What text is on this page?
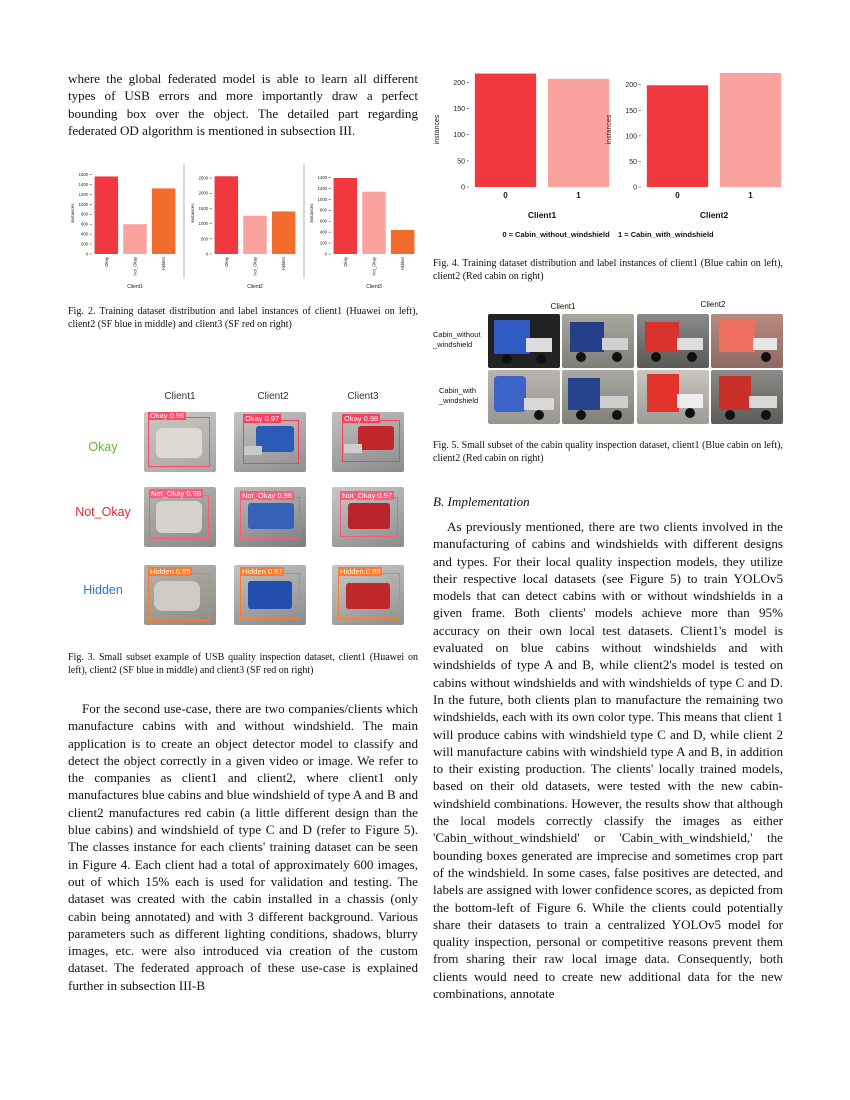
where the global federated model is able to learn all different types of USB errors and more importantly draw a perfect bounding box over the object. The detailed part regarding federated OD algorithm is mentioned in subsection III.

0
200
400
600
800
1000
1200
1400
1600
instances
Okay	Not_Okay	Hidden
Client1
0
500
1000
1500
2000
2500
instances
Okay	Not_Okay	Hidden
Client2
0
200
400
600
800
1000
1200
1400
instances
Okay	Not_Okay	Hidden
Client3

Fig. 2. Training dataset distribution and label instances of client1 (Huawei on left), client2 (SF blue in middle) and client3 (SF red on right)

Client1	Client2	Client3
Okay
Not_Okay
Hidden
Okay 0.96	Okay 0.97	Okay 0.98
Not_Okay 0.98	Not_Okay 0.96	Not_Okay 0.97
Hidden 0.95	Hidden 0.97	Hidden 0.98

Fig. 3. Small subset example of USB quality inspection dataset, client1 (Huawei on left), client2 (SF blue in middle) and client3 (SF red on right)

For the second use-case, there are two companies/clients which manufacture cabins with and without windshield. The main application is to create an object detector model to classify and detect the object correctly in a given video or image. We refer to the companies as client1 and client2, where client1 only manufactures blue cabins and blue windshield of type A and B and client2 manufactures red cabin (a little different design than the blue cabins) and windshield of type C and D (refer to Figure 5). The classes instance for each clients' training dataset can be seen in Figure 4. Each client had a total of approximately 600 images, out of which 15% each is used for validation and testing. The dataset was created with the cabin installed in a chassis (only cabin being annotated) and with 3 different background. Various parameters such as different lighting conditions, shadows, blurry images, etc. were also introduced via creation of the custom dataset. The federated approach of these use-case is explained further in subsection III-B

0
50
100
150
200
instances
0	1
Client1
0
50
100
150
200
instances
0	1
Client2
0 = Cabin_without_windshield    1 = Cabin_with_windshield

Fig. 4. Training dataset distribution and label instances of client1 (Blue cabin on left), client2 (Red cabin on right)

Client1	Client2
Cabin_without
_windshield
Cabin_with
_windshield

Fig. 5. Small subset of the cabin quality inspection dataset, client1 (Blue cabin on left), client2 (Red cabin on right)

B. Implementation

As previously mentioned, there are two clients involved in the manufacturing of cabins and windshields with different designs and types. For their local quality inspection models, they utilize their respective local datasets (see Figure 5) to train YOLOv5 models that can detect cabins with or without windshields in a given frame. Both clients' models achieve more than 95% accuracy on their own local test datasets. Client1's model is evaluated on blue cabins without windshields and with windshields of type A and B, while client2's model is tested on cabins without windshields and with windshields of type C and D. In the future, both clients plan to manufacture the remaining two windshields, each with its own color type. This means that client 1 will produce cabins with windshield type C and D, while client 2 will manufacture cabins with windshield type A and B, in addition to their existing production. The clients' locally trained models, based on their old datasets, were tested with the new cabin-windshield combinations. However, the results show that although the local models correctly classify the images as either 'Cabin_without_windshield' or 'Cabin_with_windshield,' the bounding boxes generated are imprecise and sometimes crop part of the windshield. In some cases, false positives are detected, and labels are assigned with lower confidence scores, as depicted from the bottom-left of Figure 6. While the clients could potentially share their datasets to train a centralized YOLOv5 model for quality inspection, personal or competitive reasons prevent them from sharing their raw local image data. Consequently, both clients would need to create new additional data for the new combinations, annotate
